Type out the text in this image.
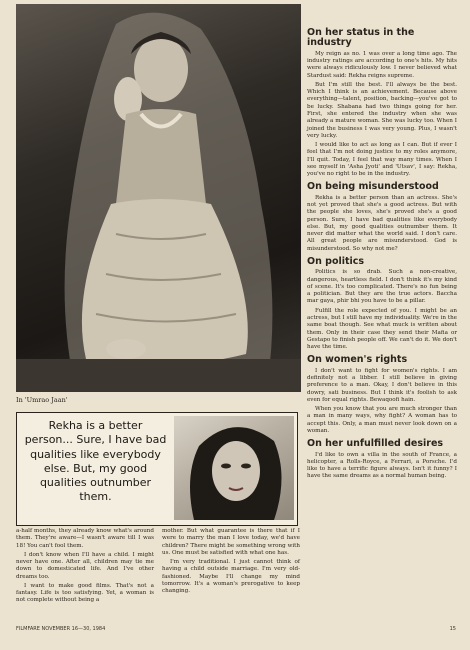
In 'Umrao Jaan'
On her status in the industry

My reign as no. 1 was over a long time ago. The industry ratings are according to one's hits. My hits were always ridiculously low. I never believed what Stardust said: Rekha reigns supreme.

But I'm still the best. I'll always be the best. Which I think is an achievement. Because above everything—talent, position, backing—you've got to be lucky. Shabana had two things going for her. First, she entered the industry when she was already a mature woman. She was lucky too. When I joined the business I was very young. Plus, I wasn't very lucky.

I would like to act as long as I can. But if ever I feel that I'm not doing justice to my roles anymore, I'll quit. Today, I feel that way many times. When I see myself in 'Asha Jyoti' and 'Utsav', I say: Rekha, you've no right to be in the industry.

On being misunderstood

Rekha is a better person than an actress. She's not yet proved that she's a good actress. But with the people she loves, she's proved she's a good person. Sure, I have bad qualities like everybody else. But, my good qualities outnumber them. It never did matter what the world said. I don't care. All great people are misunderstood. God is misunderstood. So why not me?

On politics

Politics is so drab. Such a non-creative, dangerous, heartless field. I don't think it's my kind of scene. It's too complicated. There's no fun being a politician. But they are the true actors. Baccha mar gaya, phir bhi you have to be a pillar.

Fulfill the role expected of you. I might be an actress, but I still have my individuality. We're in the same boat though. See what muck is written about them. Only in their case they send their Mafia or Gestapo to finish people off. We can't do it. We don't have the time.

On women's rights

I don't want to fight for women's rights. I am definitely not a libber. I still believe in giving preference to a man. Okay, I don't believe in this dowry, sati business. But I think it's foolish to ask even for equal rights. Bewaqoofi hain.

When you know that you are much stronger than a man in many ways, why fight? A woman has to accept this. Only, a man must never look down on a woman.

On her unfulfilled desires

I'd like to own a villa in the south of France, a helicopter, a Rolls-Royce, a Ferrari, a Porsche. I'd like to have a terrific figure always. Isn't it funny? I have the same dreams as a normal human being.

Rekha is a better person... Sure, I have bad qualities like everybody else. But, my good qualities outnumber them.

a-half months, they already know what's around them. They're aware—I wasn't aware till I was 18! You can't fool them.

I don't know when I'll have a child. I might never have one. After all, children may tie me down to domesticated life. And I've other dreams too.

I want to make good films. That's not a fantasy. Life is too satisfying. Yet, a woman is not complete without being a

mother. But what guarantee is there that if I were to marry the man I love today, we'd have children? There might be something wrong with us. One must be satisfied with what one has.

I'm very traditional. I just cannot think of having a child outside marriage. I'm very old-fashioned. Maybe I'll change my mind tomorrow. It's a woman's prerogative to keep changing.

FILMFARE NOVEMBER 16—30, 1984	15
